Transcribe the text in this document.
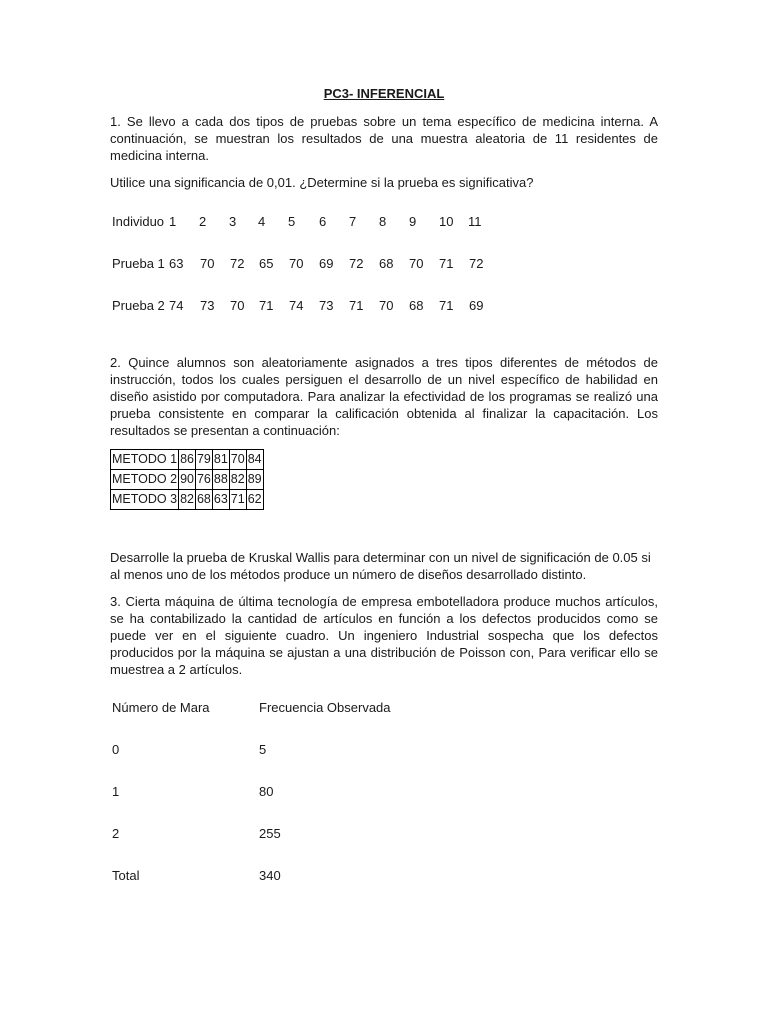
PC3- INFERENCIAL
1. Se llevo a cada dos tipos de pruebas sobre un tema específico de medicina interna. A continuación, se muestran los resultados de una muestra aleatoria de 11 residentes de medicina interna.
Utilice una significancia de 0,01. ¿Determine si la prueba es significativa?
Individuo 1 2 3 4 5 6 7 8 9 10 11
Prueba 1 63 70 72 65 70 69 72 68 70 71 72
Prueba 2 74 73 70 71 74 73 71 70 68 71 69
2. Quince alumnos son aleatoriamente asignados a tres tipos diferentes de métodos de instrucción, todos los cuales persiguen el desarrollo de un nivel específico de habilidad en diseño asistido por computadora. Para analizar la efectividad de los programas se realizó una prueba consistente en comparar la calificación obtenida al finalizar la capacitación. Los resultados se presentan a continuación:
METODO 1	86	79	81	70	84
METODO 2	90	76	88	82	89
METODO 3	82	68	63	71	62
Desarrolle la prueba de Kruskal Wallis para determinar con un nivel de significación de 0.05 si al menos uno de los métodos produce un número de diseños desarrollado distinto.
3. Cierta máquina de última tecnología de empresa embotelladora produce muchos artículos, se ha contabilizado la cantidad de artículos en función a los defectos producidos como se puede ver en el siguiente cuadro. Un ingeniero Industrial sospecha que los defectos producidos por la máquina se ajustan a una distribución de Poisson con, Para verificar ello se muestrea a 2 artículos.
Número de Mara	Frecuencia Observada
0	5
1	80
2	255
Total	340
